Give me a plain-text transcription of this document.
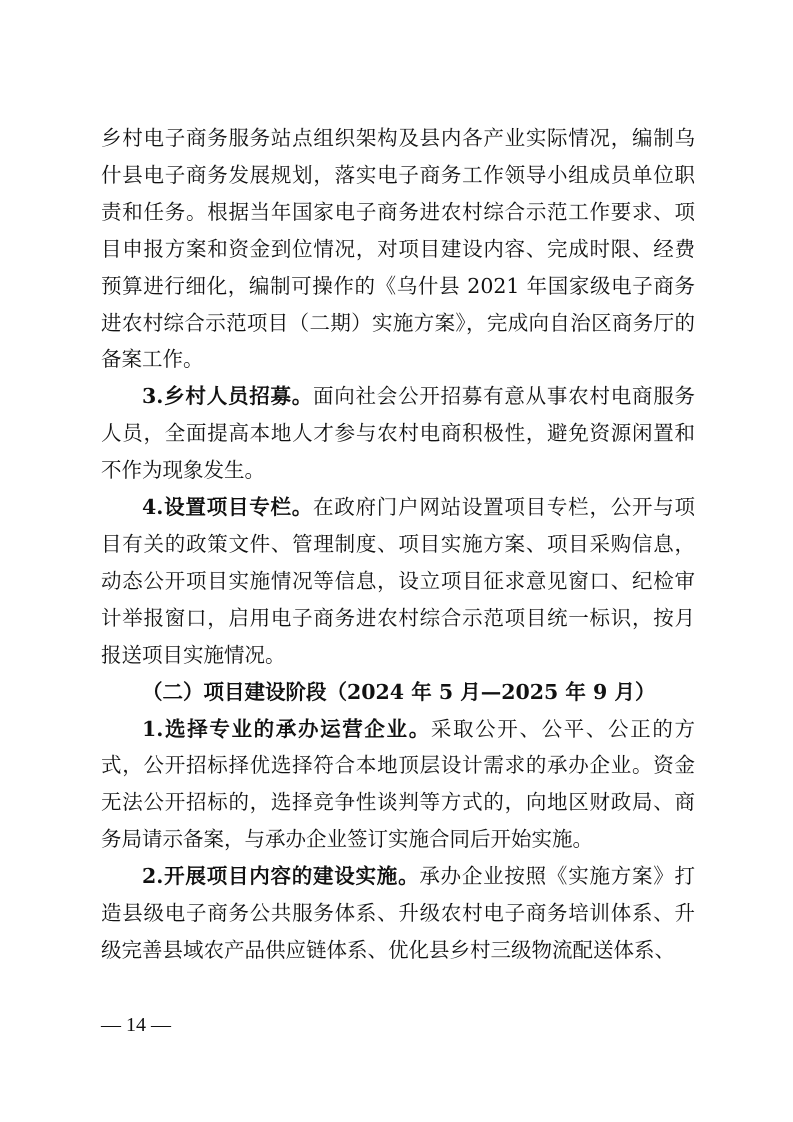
乡村电子商务服务站点组织架构及县内各产业实际情况，编制乌什县电子商务发展规划，落实电子商务工作领导小组成员单位职责和任务。根据当年国家电子商务进农村综合示范工作要求、项目申报方案和资金到位情况，对项目建设内容、完成时限、经费预算进行细化，编制可操作的《乌什县 2021 年国家级电子商务进农村综合示范项目（二期）实施方案》，完成向自治区商务厅的备案工作。

3.乡村人员招募。面向社会公开招募有意从事农村电商服务人员，全面提高本地人才参与农村电商积极性，避免资源闲置和不作为现象发生。

4.设置项目专栏。在政府门户网站设置项目专栏，公开与项目有关的政策文件、管理制度、项目实施方案、项目采购信息，动态公开项目实施情况等信息，设立项目征求意见窗口、纪检审计举报窗口，启用电子商务进农村综合示范项目统一标识，按月报送项目实施情况。

（二）项目建设阶段（2024 年 5 月—2025 年 9 月）

1.选择专业的承办运营企业。采取公开、公平、公正的方式，公开招标择优选择符合本地顶层设计需求的承办企业。资金无法公开招标的，选择竞争性谈判等方式的，向地区财政局、商务局请示备案，与承办企业签订实施合同后开始实施。

2.开展项目内容的建设实施。承办企业按照《实施方案》打造县级电子商务公共服务体系、升级农村电子商务培训体系、升级完善县域农产品供应链体系、优化县乡村三级物流配送体系、

— 14 —
